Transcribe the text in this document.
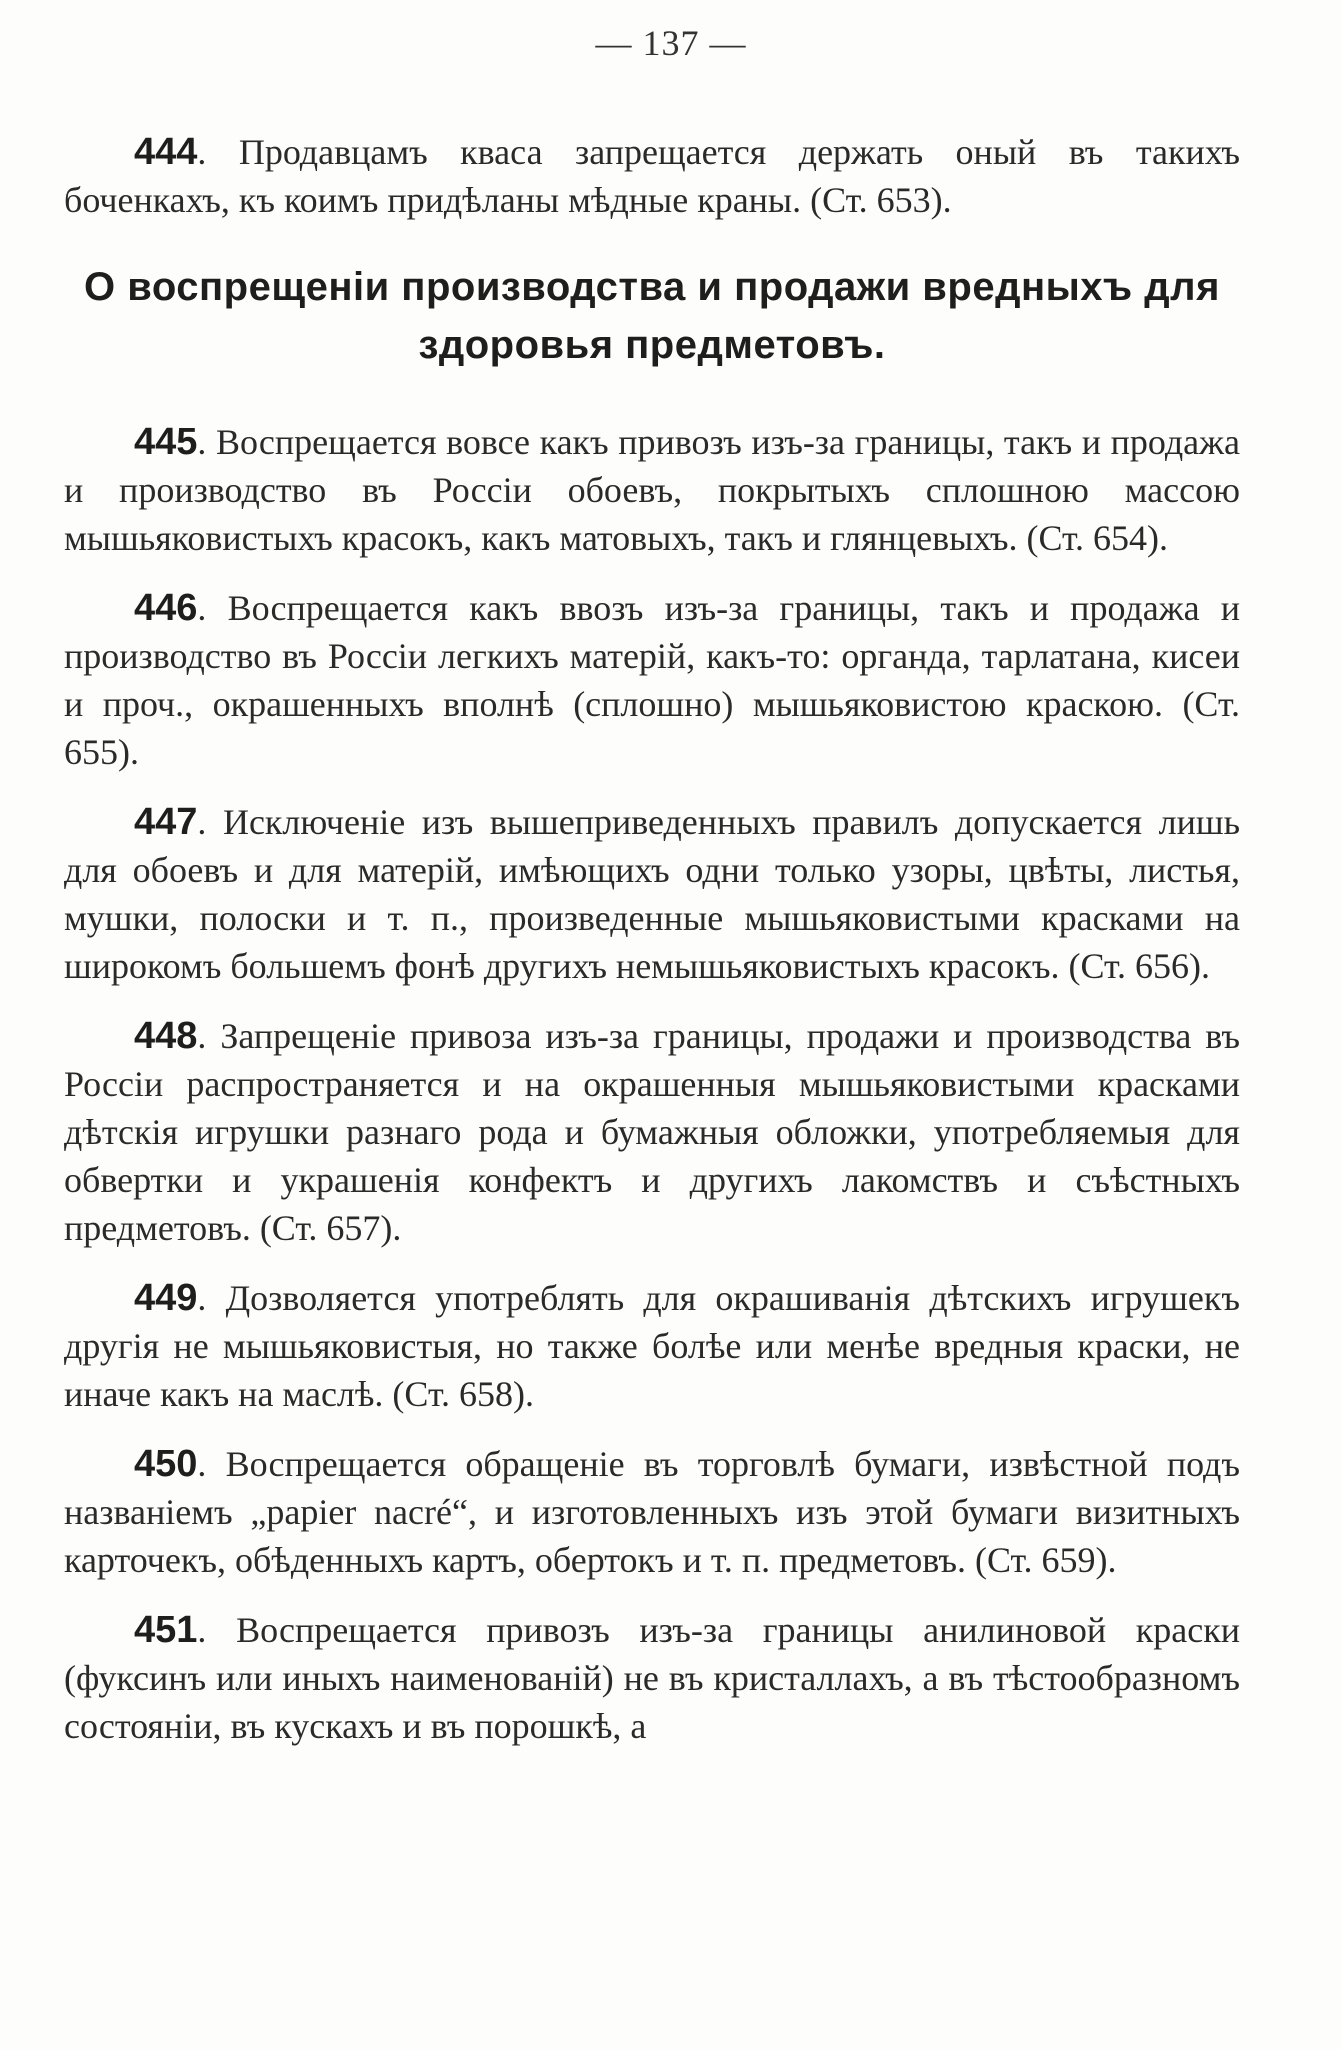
— 137 —

444. Продавцамъ кваса запрещается держать оный въ такихъ боченкахъ, къ коимъ придѣланы мѣдные краны. (Ст. 653).

О воспрещеніи производства и продажи вредныхъ для

здоровья предметовъ.

445. Воспрещается вовсе какъ привозъ изъ-за границы, такъ и продажа и производство въ Россіи обоевъ, покрытыхъ сплошною массою мышьяковистыхъ красокъ, какъ матовыхъ, такъ и глянцевыхъ. (Ст. 654).

446. Воспрещается какъ ввозъ изъ-за границы, такъ и продажа и производство въ Россіи легкихъ матерій, какъ-то: органда, тарлатана, кисеи и проч., окрашенныхъ вполнѣ (сплошно) мышьяковистою краскою. (Ст. 655).

447. Исключеніе изъ вышеприведенныхъ правилъ допускается лишь для обоевъ и для матерій, имѣющихъ одни только узоры, цвѣты, листья, мушки, полоски и т. п., произведенные мышьяковистыми красками на широкомъ большемъ фонѣ другихъ немышьяковистыхъ красокъ. (Ст. 656).

448. Запрещеніе привоза изъ-за границы, продажи и производства въ Россіи распространяется и на окрашенныя мышьяковистыми красками дѣтскія игрушки разнаго рода и бумажныя обложки, употребляемыя для обвертки и украшенія конфектъ и другихъ лакомствъ и съѣстныхъ предметовъ. (Ст. 657).

449. Дозволяется употреблять для окрашиванія дѣтскихъ игрушекъ другія не мышьяковистыя, но также болѣе или менѣе вредныя краски, не иначе какъ на маслѣ. (Ст. 658).

450. Воспрещается обращеніе въ торговлѣ бумаги, извѣстной подъ названіемъ „papier nacré“, и изготовленныхъ изъ этой бумаги визитныхъ карточекъ, обѣденныхъ картъ, обертокъ и т. п. предметовъ. (Ст. 659).

451. Воспрещается привозъ изъ-за границы анилиновой краски (фуксинъ или иныхъ наименованій) не въ кристаллахъ, а въ тѣстообразномъ состояніи, въ кускахъ и въ порошкѣ, а
